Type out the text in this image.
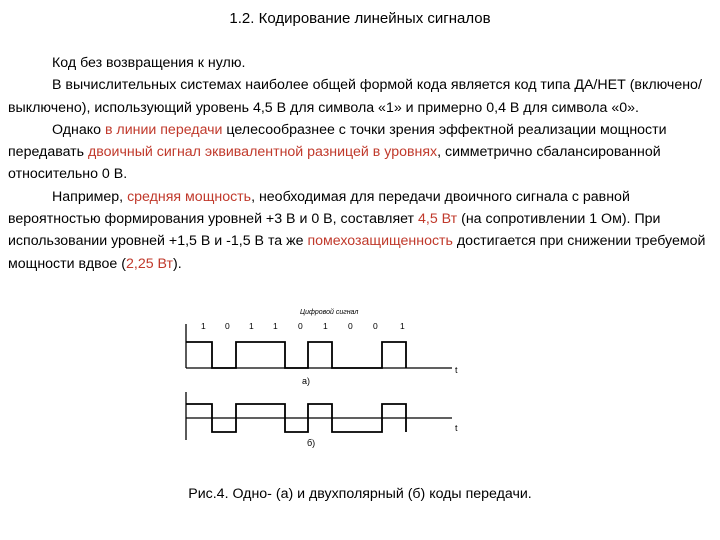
1.2. Кодирование линейных сигналов

Код без возвращения к нулю.

В вычислительных системах наиболее общей формой кода является код типа ДА/НЕТ (включено/выключено), использующий уровень 4,5 В для символа «1» и примерно 0,4 В для символа «0».

Однако в линии передачи целесообразнее с точки зрения эффектной реализации мощности передавать двоичный сигнал эквивалентной разницей в уровнях, симметрично сбалансированной относительно 0 В.

Например, средняя мощность, необходимая для передачи двоичного сигнала с равной вероятностью формирования уровней +3 В и 0 В, составляет 4,5 Вт (на сопротивлении 1 Ом). При использовании уровней +1,5 В и -1,5 В та же помехозащищенность достигается при снижении требуемой мощности вдвое (2,25 Вт).

Цифровой сигнал
1 0 1 1 0 1 0 0	1
t
а)
t
б)
Рис.4. Одно- (а) и двухполярный (б) коды передачи.
